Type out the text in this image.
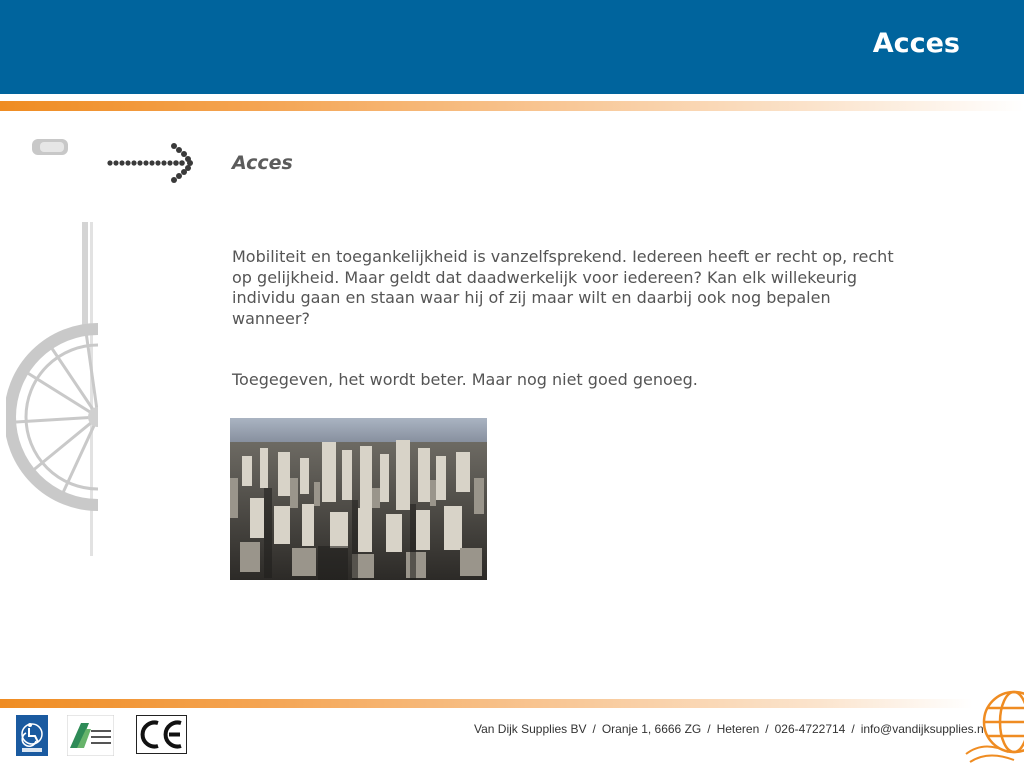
Acces
Acces

Mobiliteit en toegankelijkheid is vanzelfsprekend. Iedereen heeft er recht op, recht op gelijkheid. Maar geldt dat daadwerkelijk voor iedereen? Kan elk willekeurig individu gaan en staan waar hij of zij maar wilt en daarbij ook nog bepalen wanneer?

Toegegeven, het wordt beter. Maar nog niet goed genoeg.

Van Dijk Supplies BV / Oranje 1, 6666 ZG / Heteren / 026-4722714 / info@vandijksupplies.n
